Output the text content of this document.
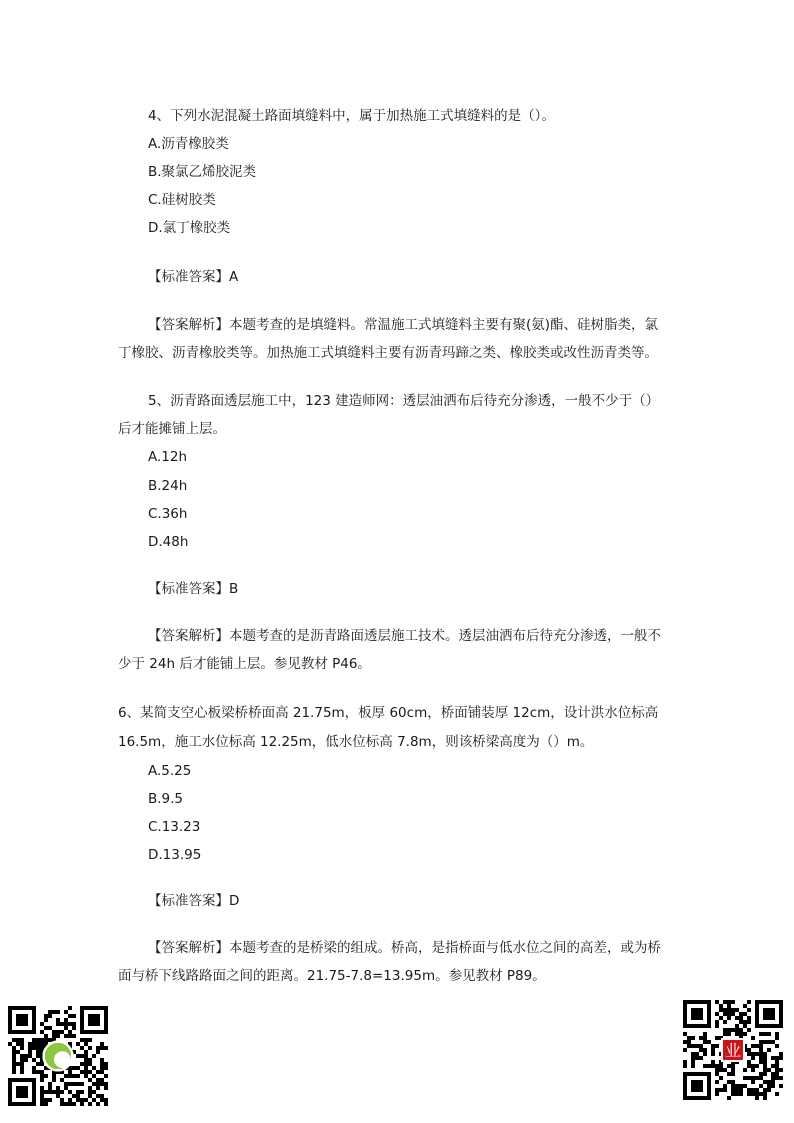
4、下列水泥混凝土路面填缝料中，属于加热施工式填缝料的是（）。
A.沥青橡胶类
B.聚氯乙烯胶泥类
C.硅树胶类
D.氯丁橡胶类
【标准答案】A
【答案解析】本题考查的是填缝料。常温施工式填缝料主要有聚(氨)酯、硅树脂类，氯
丁橡胶、沥青橡胶类等。加热施工式填缝料主要有沥青玛蹄之类、橡胶类或改性沥青类等。
5、沥青路面透层施工中，123 建造师网：透层油洒布后待充分渗透，一般不少于（）
后才能摊铺上层。
A.12h
B.24h
C.36h
D.48h
【标准答案】B
【答案解析】本题考查的是沥青路面透层施工技术。透层油洒布后待充分渗透，一般不
少于 24h 后才能铺上层。参见教材 P46。
6、某简支空心板梁桥桥面高 21.75m，板厚 60cm，桥面铺装厚 12cm，设计洪水位标高
16.5m，施工水位标高 12.25m，低水位标高 7.8m，则该桥梁高度为（）m。
A.5.25
B.9.5
C.13.23
D.13.95
【标准答案】D
【答案解析】本题考查的是桥梁的组成。桥高，是指桥面与低水位之间的高差，或为桥
面与桥下线路路面之间的距离。21.75-7.8=13.95m。参见教材 P89。
业
